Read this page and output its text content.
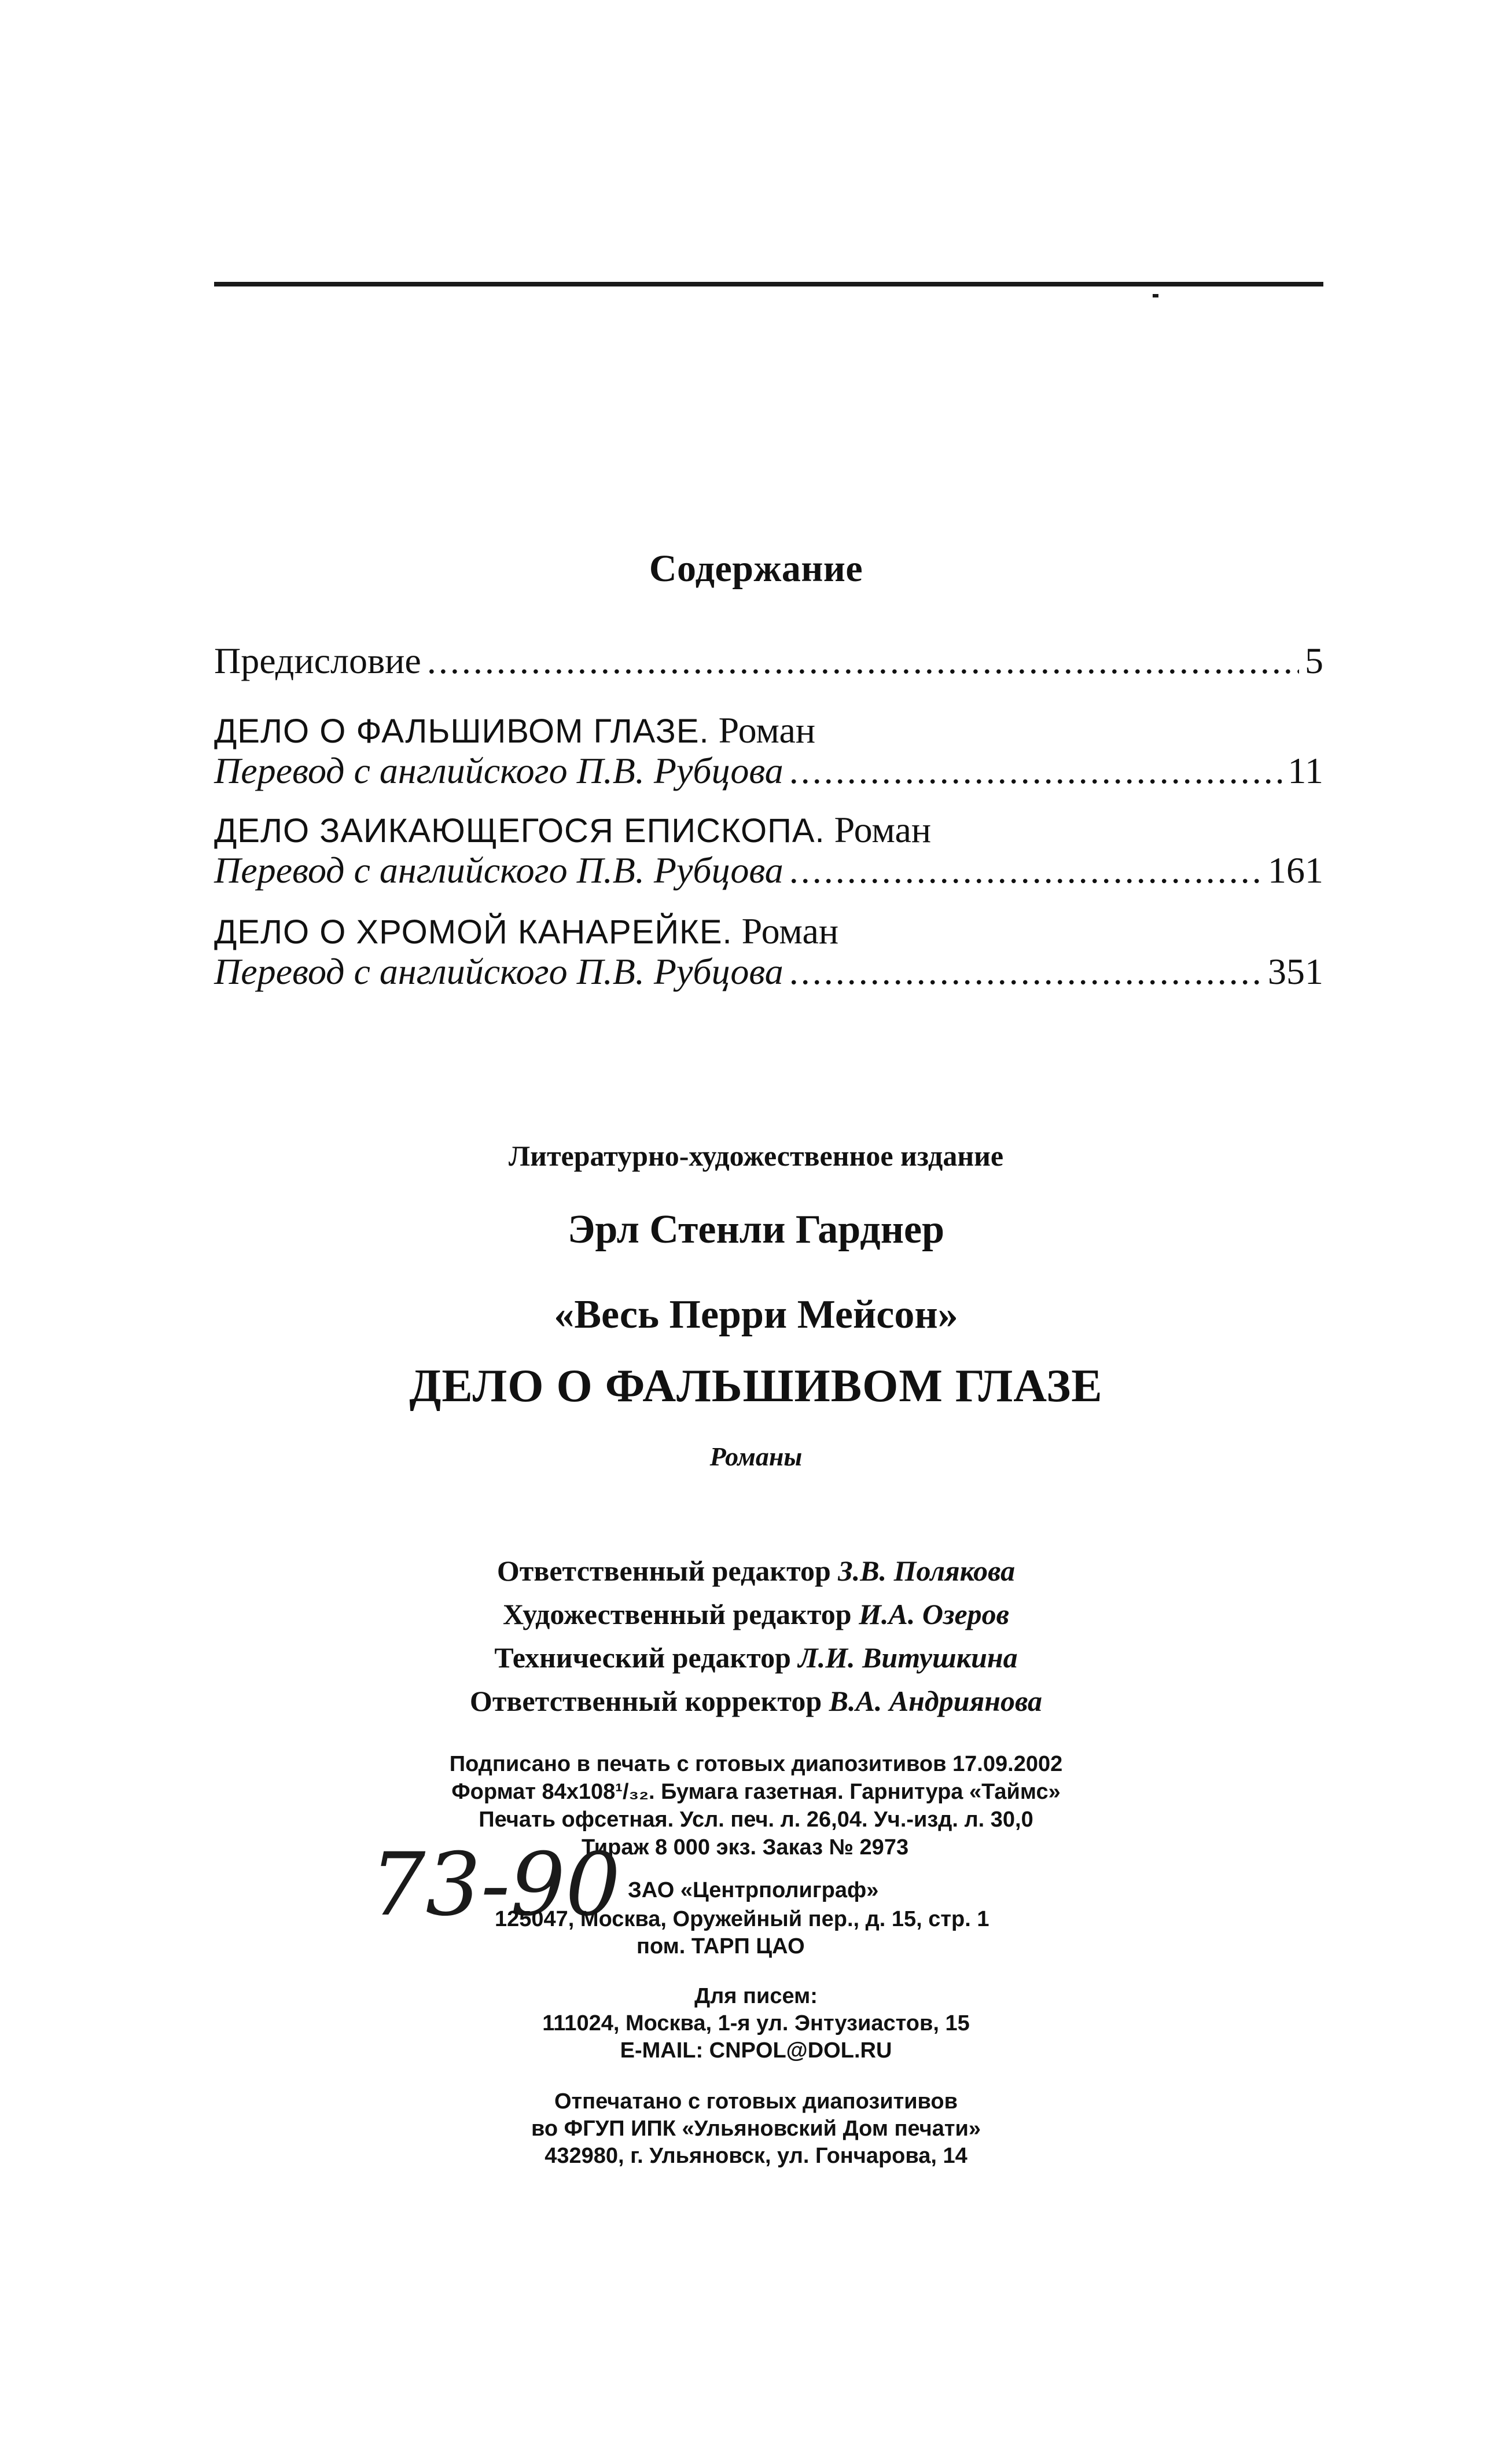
Содержание
Предисловие .....	5
ДЕЛО О ФАЛЬШИВОМ ГЛАЗЕ. Роман
Перевод с английского П.В. Рубцова .....	11
ДЕЛО ЗАИКАЮЩЕГОСЯ ЕПИСКОПА. Роман
Перевод с английского П.В. Рубцова .....	161
ДЕЛО О ХРОМОЙ КАНАРЕЙКЕ. Роман
Перевод с английского П.В. Рубцова .....	351
Литературно-художественное издание
Эрл Стенли Гарднер
«Весь Перри Мейсон»
ДЕЛО О ФАЛЬШИВОМ ГЛАЗЕ
Романы
Ответственный редактор З.В. Полякова
Художественный редактор И.А. Озеров
Технический редактор Л.И. Витушкина
Ответственный корректор В.А. Андриянова
Подписано в печать с готовых диапозитивов 17.09.2002
Формат 84x108¹/₃₂. Бумага газетная. Гарнитура «Таймс»
Печать офсетная. Усл. печ. л. 26,04. Уч.-изд. л. 30,0
Тираж 8 000 экз. Заказ № 2973
73-90 ЗАО «Центрполиграф»
125047, Москва, Оружейный пер., д. 15, стр. 1
пом. ТАРП ЦАО
Для писем:
111024, Москва, 1-я ул. Энтузиастов, 15
E-MAIL: CNPOL@DOL.RU
Отпечатано с готовых диапозитивов
во ФГУП ИПК «Ульяновский Дом печати»
432980, г. Ульяновск, ул. Гончарова, 14
